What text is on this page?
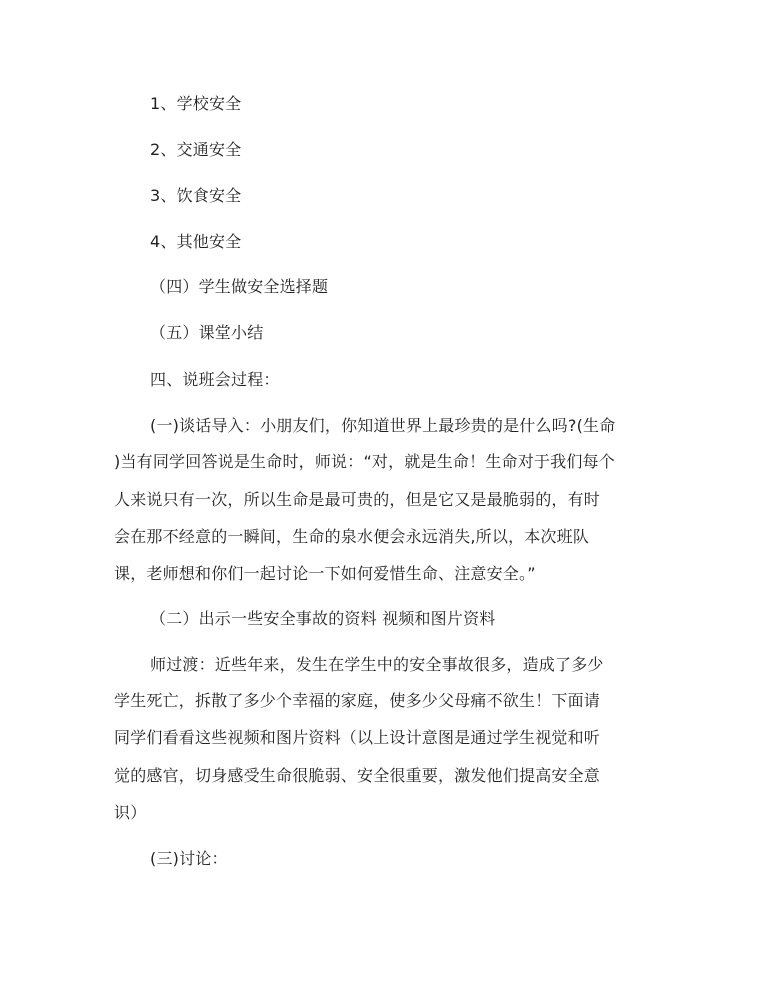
1、学校安全
2、交通安全
3、饮食安全
4、其他安全
（四）学生做安全选择题
（五）课堂小结
四、说班会过程：
(一)谈话导入：小朋友们，你知道世界上最珍贵的是什么吗?(生命
)当有同学回答说是生命时，师说：“对，就是生命！生命对于我们每个
人来说只有一次，所以生命是最可贵的，但是它又是最脆弱的，有时
会在那不经意的一瞬间，生命的泉水便会永远消失,所以，本次班队
课，老师想和你们一起讨论一下如何爱惜生命、注意安全。”
（二）出示一些安全事故的资料 视频和图片资料
师过渡：近些年来，发生在学生中的安全事故很多，造成了多少
学生死亡，拆散了多少个幸福的家庭，使多少父母痛不欲生！下面请
同学们看看这些视频和图片资料（以上设计意图是通过学生视觉和听
觉的感官，切身感受生命很脆弱、安全很重要，激发他们提高安全意
识）
(三)讨论：
